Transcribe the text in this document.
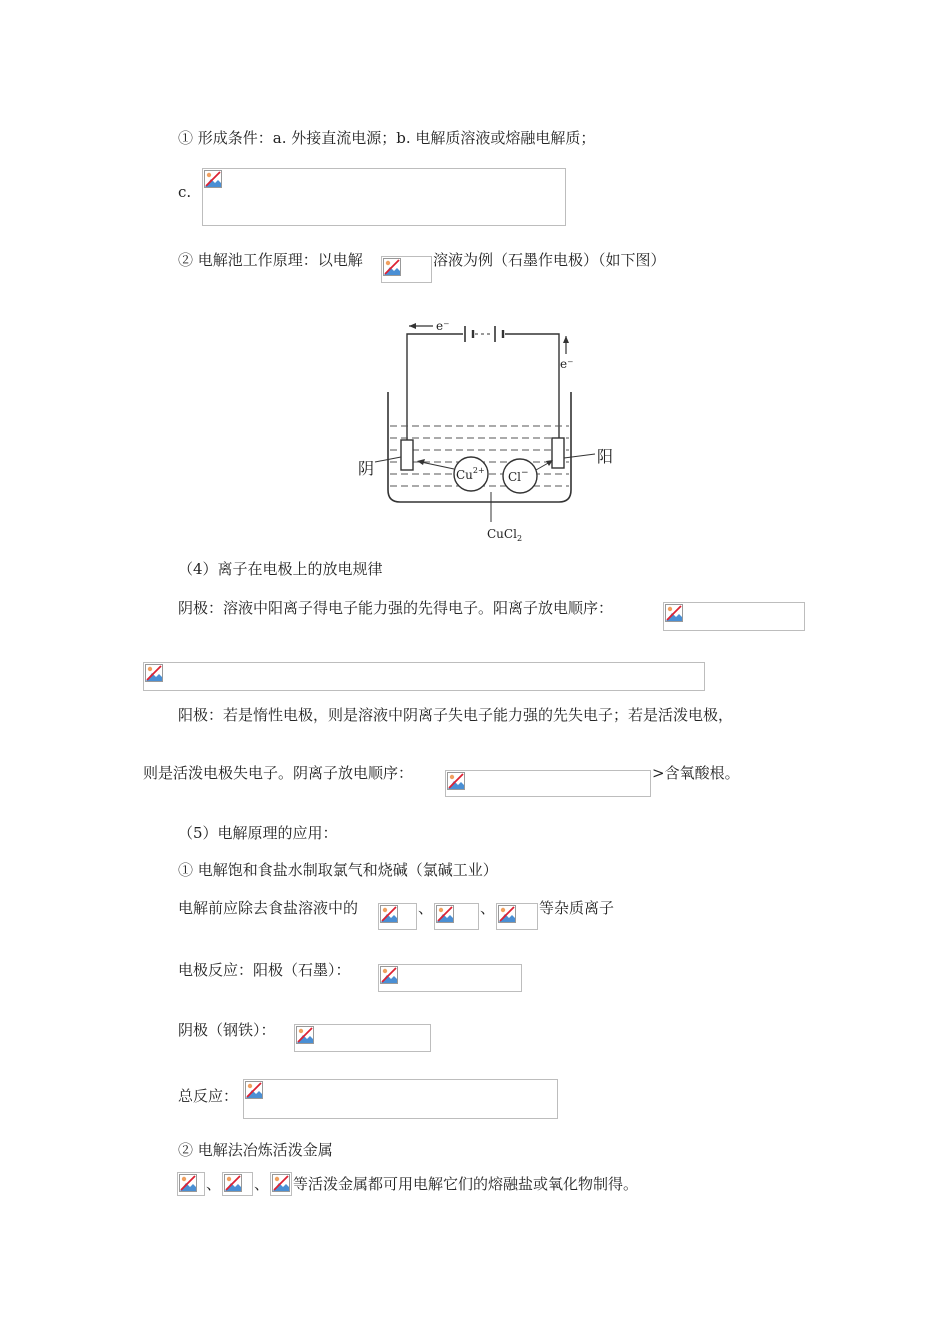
① 形成条件：a. 外接直流电源；b. 电解质溶液或熔融电解质；
c.
② 电解池工作原理：以电解	溶液为例（石墨作电极）（如下图）
e⁻
e⁻
阴
阳
$Cu^{2+}$ Cl−
CuCl$_2$
（4）离子在电极上的放电规律
阴极：溶液中阳离子得电子能力强的先得电子。阳离子放电顺序：
阳极：若是惰性电极，则是溶液中阴离子失电子能力强的先失电子；若是活泼电极，
则是活泼电极失电子。阴离子放电顺序：	>含氧酸根。
（5）电解原理的应用：
① 电解饱和食盐水制取氯气和烧碱（氯碱工业）
电解前应除去食盐溶液中的	、	、	等杂质离子
电极反应：阳极（石墨）：
阴极（钢铁）：
总反应：
② 电解法冶炼活泼金属
、 、 等活泼金属都可用电解它们的熔融盐或氧化物制得。
